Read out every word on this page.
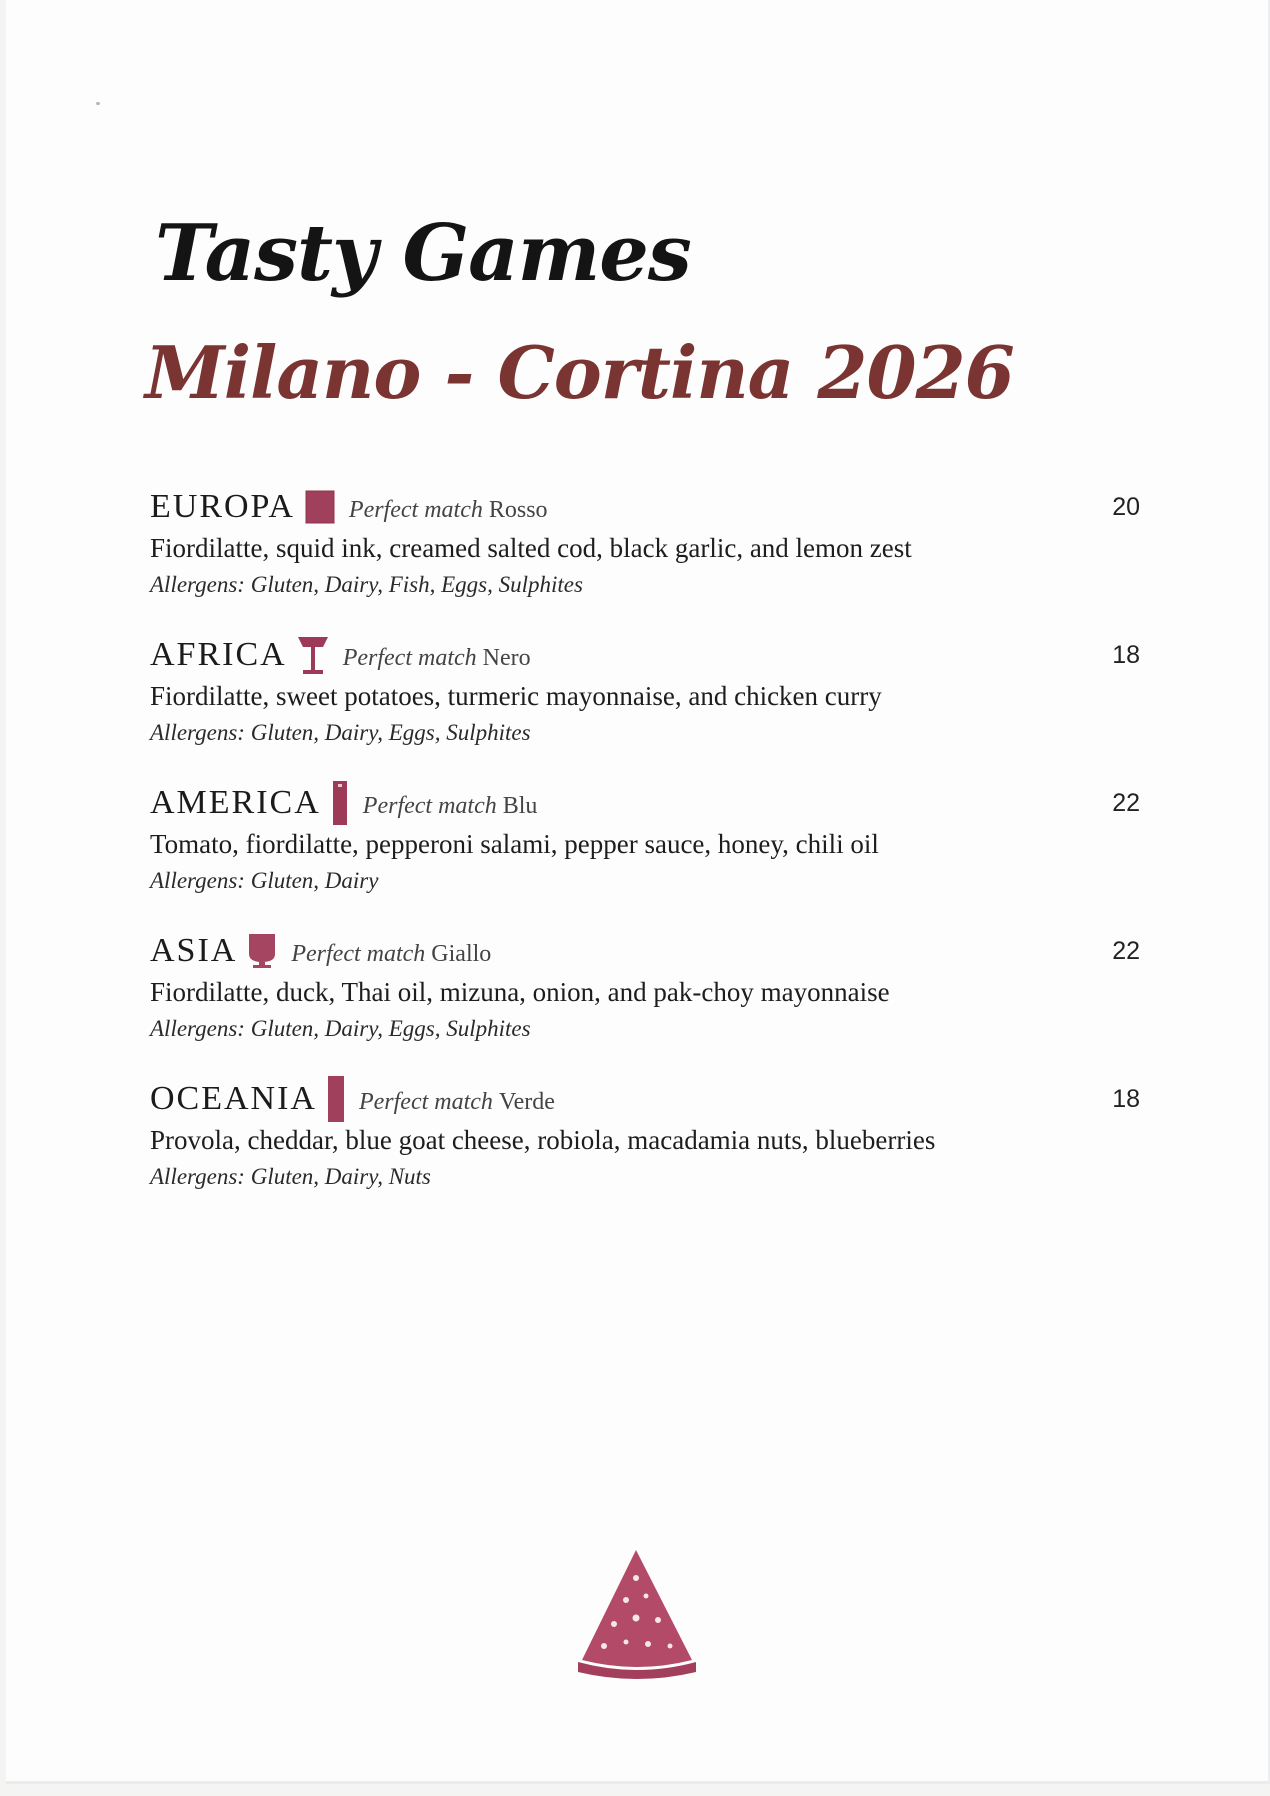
Tasty Games
Milano - Cortina 2026
EUROPA Perfect match Rosso	20
Fiordilatte, squid ink, creamed salted cod, black garlic, and lemon zest
Allergens: Gluten, Dairy, Fish, Eggs, Sulphites
AFRICA Perfect match Nero	18
Fiordilatte, sweet potatoes, turmeric mayonnaise, and chicken curry
Allergens: Gluten, Dairy, Eggs, Sulphites
AMERICA Perfect match Blu	22
Tomato, fiordilatte, pepperoni salami, pepper sauce, honey, chili oil
Allergens: Gluten, Dairy
ASIA Perfect match Giallo	22
Fiordilatte, duck, Thai oil, mizuna, onion, and pak-choy mayonnaise
Allergens: Gluten, Dairy, Eggs, Sulphites
OCEANIA Perfect match Verde	18
Provola, cheddar, blue goat cheese, robiola, macadamia nuts, blueberries
Allergens: Gluten, Dairy, Nuts
